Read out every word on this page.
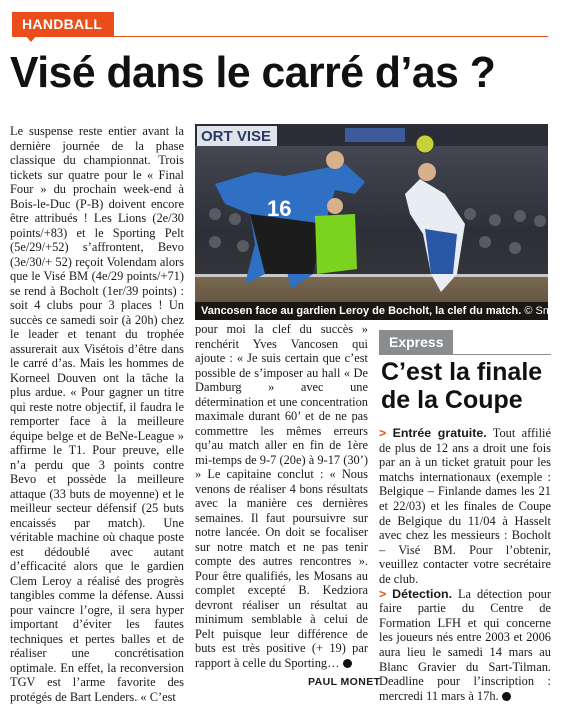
HANDBALL
Visé dans le carré d’as ?

Le suspense reste entier avant la dernière journée de la phase classique du championnat. Trois tickets sur quatre pour le « Final Four » du prochain week-end à Bois-le-Duc (P-B) doivent encore être attribués ! Les Lions (2e/30 points/+83) et le Sporting Pelt (5e/29/+52) s’affrontent, Bevo (3e/30/+ 52) reçoit Volendam alors que le Visé BM (4e/29 points/+71) se rend à Bocholt (1er/39 points) : soit 4 clubs pour 3 places ! Un succès ce samedi soir (à 20h) chez le leader et tenant du trophée assurerait aux Visétois d’être dans le carré d’as. Mais les hommes de Korneel Douven ont la tâche la plus ardue. « Pour gagner un titre qui reste notre objectif, il faudra le remporter face à la meilleure équipe belge et de BeNe-League » affirme le T1. Pour preuve, elle n’a perdu que 3 points contre Bevo et possède la meilleure attaque (33 buts de moyenne) et le meilleur secteur défensif (25 buts encaissés par match). Une véritable machine où chaque poste est dédoublé avec autant d’efficacité alors que le gardien Clem Leroy a réalisé des progrès tangibles comme la défense. Aussi pour vaincre l’ogre, il sera hyper important d’éviter les fautes techniques et pertes balles et de réaliser une concrétisation optimale. En effet, la reconversion TGV est l’arme favorite des protégés de Bart Lenders. « C’est

ORT VISE
16
Vancosen face au gardien Leroy de Bocholt, la clef du match. © Smets

pour moi la clef du succès » renchérit Yves Vancosen qui ajoute : « Je suis certain que c’est possible de s’imposer au hall « De Damburg » avec une détermination et une concentration maximale durant 60’ et de ne pas commettre les mêmes erreurs qu’au match aller en fin de 1ère mi-temps de 9-7 (20e) à 9-17 (30’) » Le capitaine conclut : « Nous venons de réaliser 4 bons résultats avec la manière ces dernières semaines. Il faut poursuivre sur notre lancée. On doit se focaliser sur notre match et ne pas tenir compte des autres rencontres ». Pour être qualifiés, les Mosans au complet excepté B. Kedziora devront réaliser un résultat au minimum semblable à celui de Pelt puisque leur différence de buts est très positive (+ 19) par rapport à celle du Sporting…

PAUL MONET
Express
C’est la finale
de la Coupe

> Entrée gratuite. Tout affilié de plus de 12 ans a droit une fois par an à un ticket gratuit pour les matchs internationaux (exemple : Belgique – Finlande dames les 21 et 22/03) et les finales de Coupe de Belgique du 11/04 à Hasselt avec chez les messieurs : Bocholt – Visé BM. Pour l’obtenir, veuillez contacter votre secrétaire de club.

> Détection. La détection pour faire partie du Centre de Formation LFH et qui concerne les joueurs nés entre 2003 et 2006 aura lieu le samedi 14 mars au Blanc Gravier du Sart-Tilman. Deadline pour l’inscription : mercredi 11 mars à 17h.
